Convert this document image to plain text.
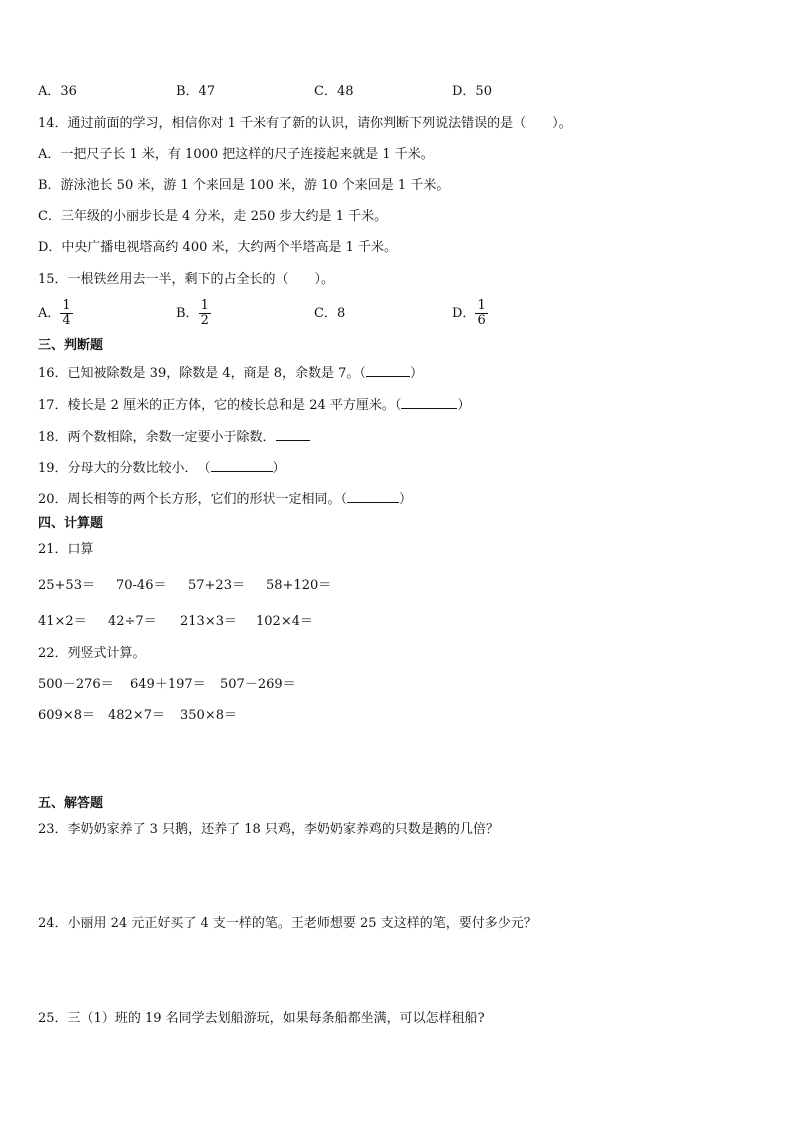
A．36	B．47	C．48	D．50
14．通过前面的学习，相信你对 1 千米有了新的认识，请你判断下列说法错误的是（　　）。
A．一把尺子长 1 米，有 1000 把这样的尺子连接起来就是 1 千米。
B．游泳池长 50 米，游 1 个来回是 100 米，游 10 个来回是 1 千米。
C．三年级的小丽步长是 4 分米，走 250 步大约是 1 千米。
D．中央广播电视塔高约 400 米，大约两个半塔高是 1 千米。
15．一根铁丝用去一半，剩下的占全长的（　　）。
A． $\frac{1}{4}$	B． $\frac{1}{2}$	C．8	D． $\frac{1}{6}$
三、判断题
16．已知被除数是 39，除数是 4，商是 8，余数是 7。（	）
17．棱长是 2 厘米的正方体，它的棱长总和是 24 平方厘米。（	）
18．两个数相除，余数一定要小于除数．
19．分母大的分数比较小．　（	）
20．周长相等的两个长方形，它们的形状一定相同。（	）
四、计算题
21．口算
25+53＝ 70-46＝ 57+23＝ 58+120＝
41×2＝ 42÷7＝ 213×3＝ 102×4＝
22．列竖式计算。
500－276＝ 649＋197＝ 507－269＝
609×8＝ 482×7＝ 350×8＝
五、解答题
23．李奶奶家养了 3 只鹅，还养了 18 只鸡，李奶奶家养鸡的只数是鹅的几倍？
24．小丽用 24 元正好买了 4 支一样的笔。王老师想要 25 支这样的笔，要付多少元？
25．三（1）班的 19 名同学去划船游玩，如果每条船都坐满，可以怎样租船?
